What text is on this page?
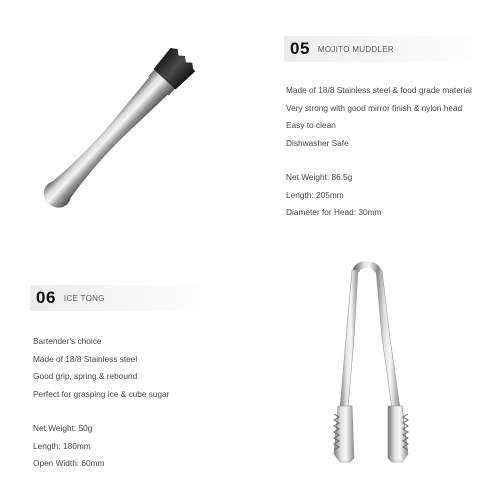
05 MOJITO MUDDLER
Made of 18/8 Stainless steel & food grade material
Very strong with good mirror finish & nylon head
Easy to clean
Dishwasher Safe
Net Weight: 86.5g
Length: 205mm
Diameter for Head: 30mm
06 ICE TONG
Bartender's choice
Made of 18/8 Stainless steel
Good grip, spring & rebound
Perfect for grasping ice & cube sugar
Net Weight: 50g
Length: 180mm
Open Width: 60mm
